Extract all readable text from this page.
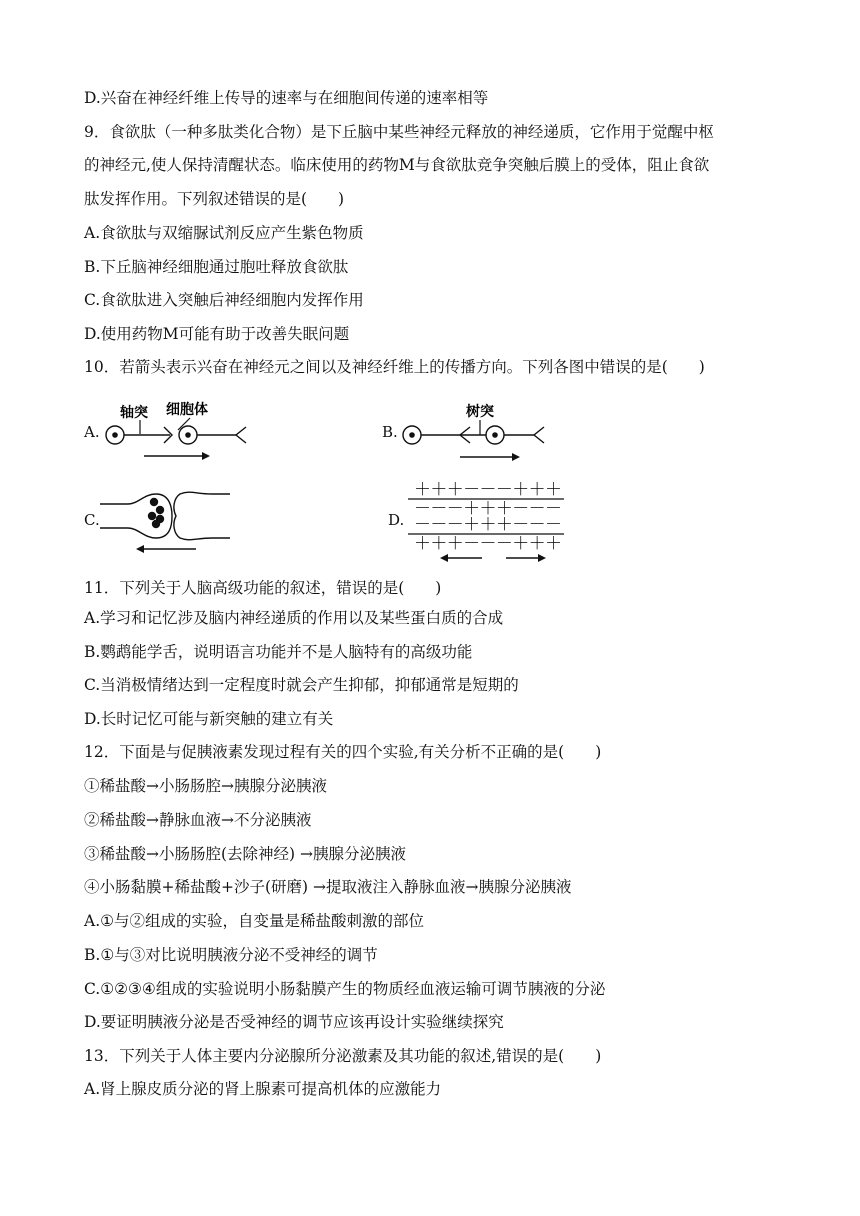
D.兴奋在神经纤维上传导的速率与在细胞间传递的速率相等
9．食欲肽（一种多肽类化合物）是下丘脑中某些神经元释放的神经递质，它作用于觉醒中枢
的神经元,使人保持清醒状态。临床使用的药物M与食欲肽竞争突触后膜上的受体，阻止食欲
肽发挥作用。下列叙述错误的是(　　)
A.食欲肽与双缩脲试剂反应产生紫色物质
B.下丘脑神经细胞通过胞吐释放食欲肽
C.食欲肽进入突触后神经细胞内发挥作用
D.使用药物M可能有助于改善失眠问题
10．若箭头表示兴奋在神经元之间以及神经纤维上的传播方向。下列各图中错误的是(　　)
A.
轴突 细胞体
B.
树突
C.	D.
＋＋＋－－－＋＋＋
－－－＋＋＋－－－
－－－＋＋＋－－－
＋＋＋－－－＋＋＋
11．下列关于人脑高级功能的叙述，错误的是(　　)
A.学习和记忆涉及脑内神经递质的作用以及某些蛋白质的合成
B.鹦鹉能学舌，说明语言功能并不是人脑特有的高级功能
C.当消极情绪达到一定程度时就会产生抑郁，抑郁通常是短期的
D.长时记忆可能与新突触的建立有关
12．下面是与促胰液素发现过程有关的四个实验,有关分析不正确的是(　　)
①稀盐酸→小肠肠腔→胰腺分泌胰液
②稀盐酸→静脉血液→不分泌胰液
③稀盐酸→小肠肠腔(去除神经) →胰腺分泌胰液
④小肠黏膜+稀盐酸+沙子(研磨) →提取液注入静脉血液→胰腺分泌胰液
A.①与②组成的实验，自变量是稀盐酸刺激的部位
B.①与③对比说明胰液分泌不受神经的调节
C.①②③④组成的实验说明小肠黏膜产生的物质经血液运输可调节胰液的分泌
D.要证明胰液分泌是否受神经的调节应该再设计实验继续探究
13．下列关于人体主要内分泌腺所分泌激素及其功能的叙述,错误的是(　　)
A.肾上腺皮质分泌的肾上腺素可提高机体的应激能力
